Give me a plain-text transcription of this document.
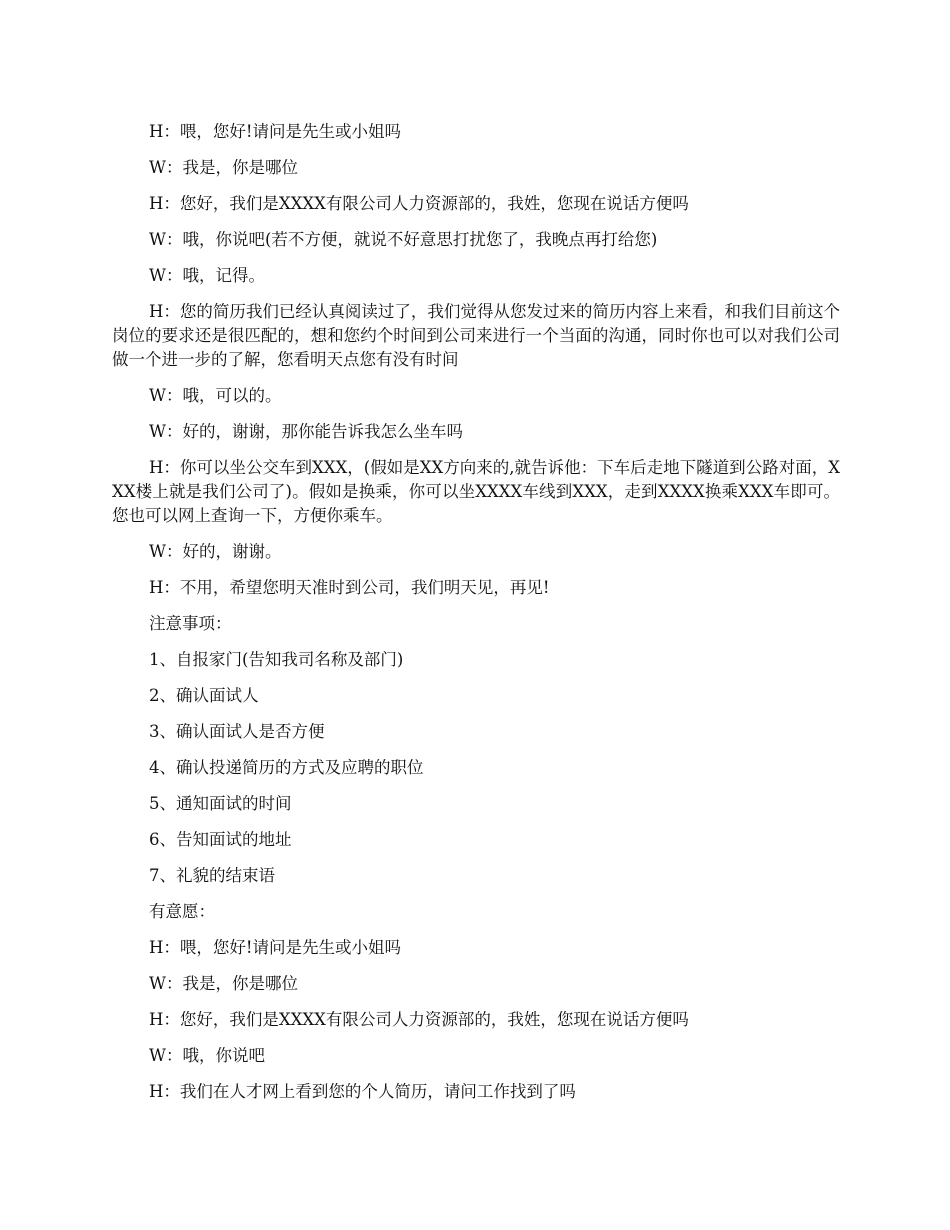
H：喂，您好!请问是先生或小姐吗

W：我是，你是哪位

H：您好，我们是XXXX有限公司人力资源部的，我姓，您现在说话方便吗

W：哦，你说吧(若不方便，就说不好意思打扰您了，我晚点再打给您)

W：哦，记得。

H：您的简历我们已经认真阅读过了，我们觉得从您发过来的简历内容上来看，和我们目前这个岗位的要求还是很匹配的，想和您约个时间到公司来进行一个当面的沟通，同时你也可以对我们公司做一个进一步的了解，您看明天点您有没有时间

W：哦，可以的。

W：好的，谢谢，那你能告诉我怎么坐车吗

H：你可以坐公交车到XXX，(假如是XX方向来的,就告诉他：下车后走地下隧道到公路对面，XXX楼上就是我们公司了)。假如是换乘，你可以坐XXXX车线到XXX，走到XXXX换乘XXX车即可。您也可以网上查询一下，方便你乘车。

W：好的，谢谢。

H：不用，希望您明天准时到公司，我们明天见，再见!

注意事项：

1、自报家门(告知我司名称及部门)

2、确认面试人

3、确认面试人是否方便

4、确认投递简历的方式及应聘的职位

5、通知面试的时间

6、告知面试的地址

7、礼貌的结束语

有意愿：

H：喂，您好!请问是先生或小姐吗

W：我是，你是哪位

H：您好，我们是XXXX有限公司人力资源部的，我姓，您现在说话方便吗

W：哦，你说吧

H：我们在人才网上看到您的个人简历，请问工作找到了吗
